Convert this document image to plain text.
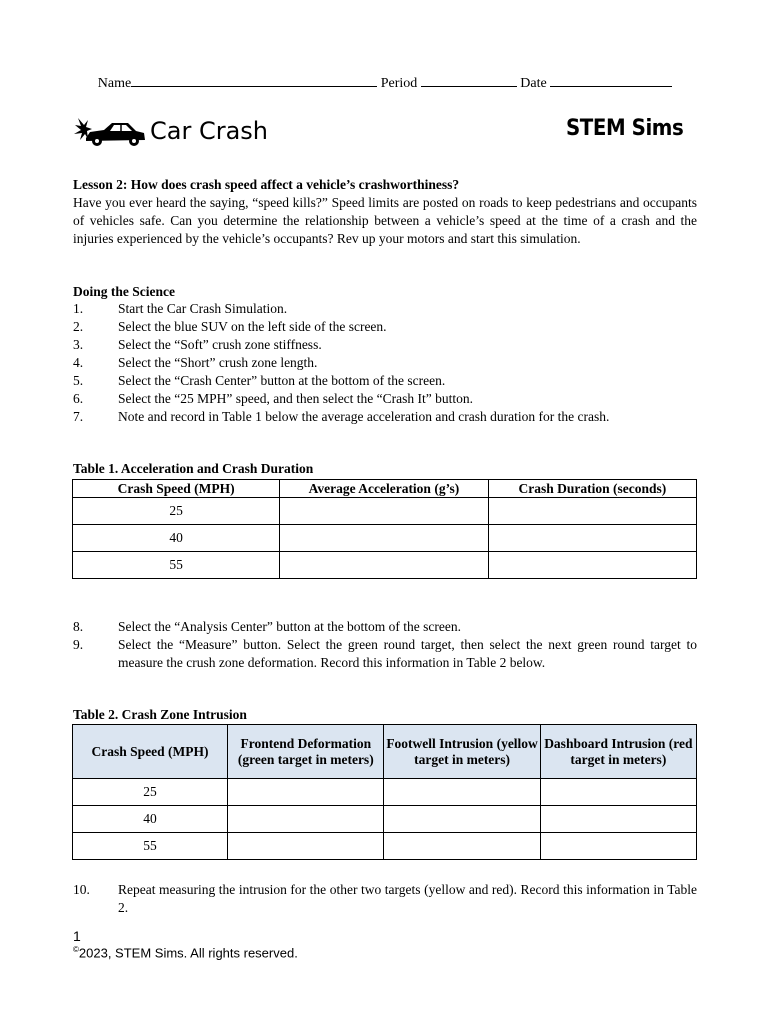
Name	Period	Date
Car Crash	STEM Sims
Lesson 2: How does crash speed affect a vehicle’s crashworthiness?
Have you ever heard the saying, “speed kills?” Speed limits are posted on roads to keep pedestrians and occupants of vehicles safe. Can you determine the relationship between a vehicle’s speed at the time of a crash and the injuries experienced by the vehicle’s occupants? Rev up your motors and start this simulation.
Doing the Science
1.	Start the Car Crash Simulation.
2.	Select the blue SUV on the left side of the screen.
3.	Select the “Soft” crush zone stiffness.
4.	Select the “Short” crush zone length.
5.	Select the “Crash Center” button at the bottom of the screen.
6.	Select the “25 MPH” speed, and then select the “Crash It” button.
7.	Note and record in Table 1 below the average acceleration and crash duration for the crash.
Table 1. Acceleration and Crash Duration
Crash Speed (MPH)	Average Acceleration (g’s)	Crash Duration (seconds)
25		
40		
55		
8.	Select the “Analysis Center” button at the bottom of the screen.
9.	Select the “Measure” button. Select the green round target, then select the next green round target to measure the crush zone deformation. Record this information in Table 2 below.
Table 2. Crash Zone Intrusion
Crash Speed (MPH)	Frontend Deformation (green target in meters)	Footwell Intrusion (yellow target in meters)	Dashboard Intrusion (red target in meters)
25			
40			
55			
10.	Repeat measuring the intrusion for the other two targets (yellow and red). Record this information in Table 2.
1
©2023, STEM Sims. All rights reserved.
